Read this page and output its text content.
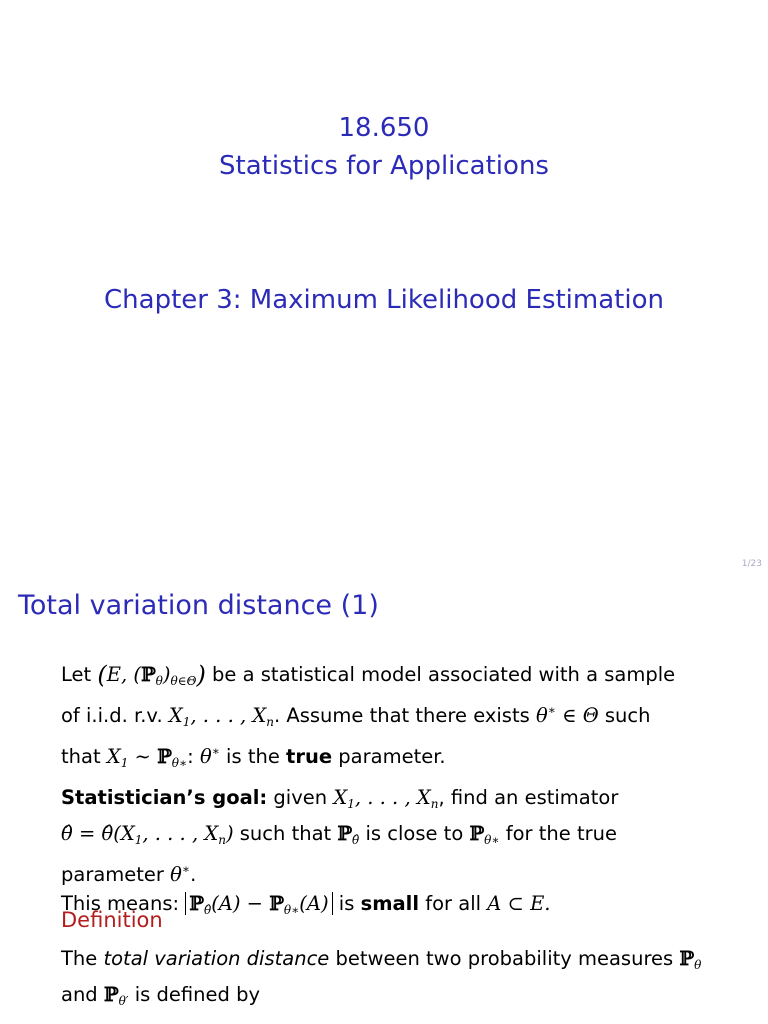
18.650
Statistics for Applications
Chapter 3: Maximum Likelihood Estimation
1/23
Total variation distance (1)
Let (E, $(ℙ_\theta)_{\theta\in\Theta}$) be a statistical model associated with a sample
of i.i.d. r.v. $X_1$, . . . , $X_n$. Assume that there exists θ∗ ∈ Θ such
that $X_1$ ∼ ℙ$_{\theta∗}$: θ∗ is the true parameter.
Statistician’s goal: given $X_1$, . . . , $X_n$, find an estimator
θ̂ = $\thetâ(X_1$, . . . , $X_n$) such that ℙ$_{\thetâ}$ is close to ℙ$_{\theta∗}$ for the true
parameter θ∗.
This means: ℙ$_{\thetâ}$(A) − ℙ$_{\theta∗}$(A) is small for all A ⊂ E.
Definition
The total variation distance between two probability measures ℙ$_\theta$
and ℙ$_{\theta'}$ is defined by
